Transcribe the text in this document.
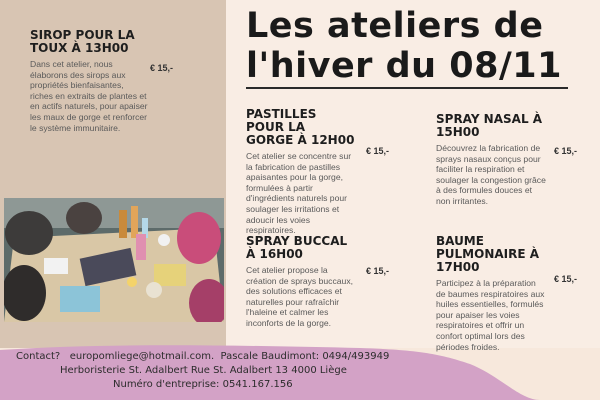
Les ateliers de l'hiver du 08/11
SIROP POUR LA TOUX À 13H00
Dans cet atelier, nous élaborons des sirops aux propriétés bienfaisantes, riches en extraits de plantes et en actifs naturels, pour apaiser les maux de gorge et renforcer le système immunitaire.
€ 15,-
PASTILLES POUR LA GORGE À 12H00
Cet atelier se concentre sur la fabrication de pastilles apaisantes pour la gorge, formulées à partir d'ingrédients naturels pour soulager les irritations et adoucir les voies respiratoires.
€ 15,-
SPRAY NASAL À 15H00
Découvrez la fabrication de sprays nasaux conçus pour faciliter la respiration et soulager la congestion grâce à des formules douces et non irritantes.
€ 15,-
SPRAY BUCCAL À 16H00
Cet atelier propose la création de sprays buccaux, des solutions efficaces et naturelles pour rafraîchir l'haleine et calmer les inconforts de la gorge.
€ 15,-
BAUME PULMONAIRE À 17H00
Participez à la préparation de baumes respiratoires aux huiles essentielles, formulés pour apaiser les voies respiratoires et offrir un confort optimal lors des périodes froides.
€ 15,-
Contact?   europomliege@hotmail.com.  Pascale Baudimont: 0494/493949
Herboristerie St. Adalbert Rue St. Adalbert 13 4000 Liège
Numéro d'entreprise: 0541.167.156
